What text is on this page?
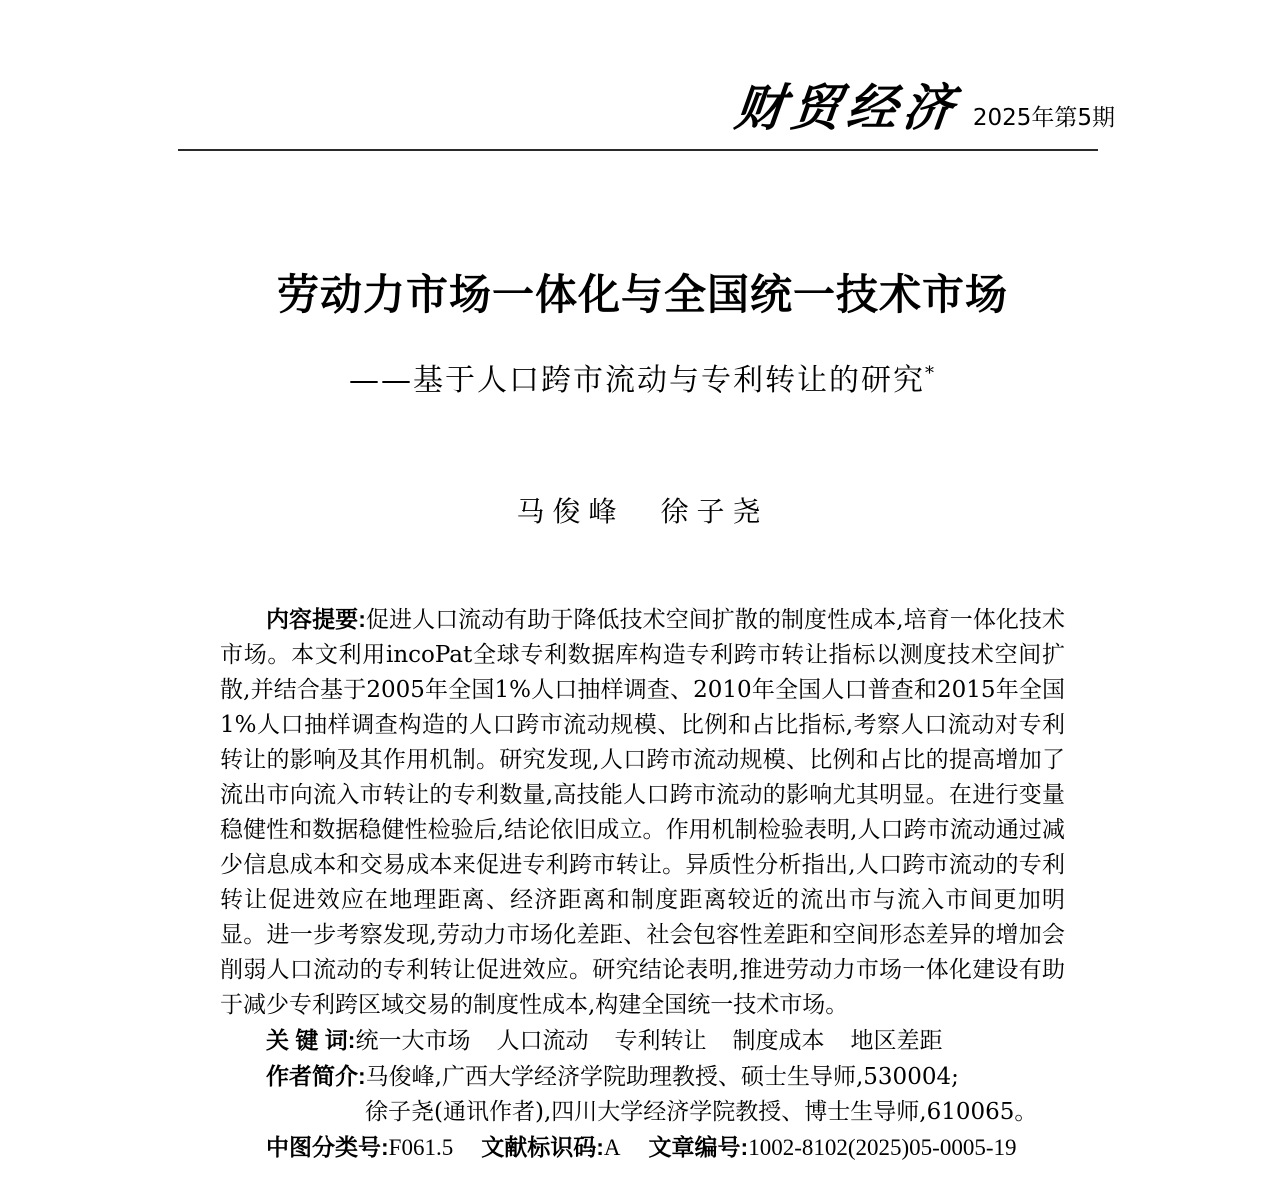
财贸经济 2025年第5期
劳动力市场一体化与全国统一技术市场
——基于人口跨市流动与专利转让的研究*
马俊峰 徐子尧

内容提要:促进人口流动有助于降低技术空间扩散的制度性成本,培育一体化技术市场。本文利用incoPat全球专利数据库构造专利跨市转让指标以测度技术空间扩散,并结合基于2005年全国1%人口抽样调查、2010年全国人口普查和2015年全国1%人口抽样调查构造的人口跨市流动规模、比例和占比指标,考察人口流动对专利转让的影响及其作用机制。研究发现,人口跨市流动规模、比例和占比的提高增加了流出市向流入市转让的专利数量,高技能人口跨市流动的影响尤其明显。在进行变量稳健性和数据稳健性检验后,结论依旧成立。作用机制检验表明,人口跨市流动通过减少信息成本和交易成本来促进专利跨市转让。异质性分析指出,人口跨市流动的专利转让促进效应在地理距离、经济距离和制度距离较近的流出市与流入市间更加明显。进一步考察发现,劳动力市场化差距、社会包容性差距和空间形态差异的增加会削弱人口流动的专利转让促进效应。研究结论表明,推进劳动力市场一体化建设有助于减少专利跨区域交易的制度性成本,构建全国统一技术市场。

关 键 词:统一大市场 人口流动 专利转让 制度成本 地区差距

作者简介:马俊峰,广西大学经济学院助理教授、硕士生导师,530004;

徐子尧(通讯作者),四川大学经济学院教授、博士生导师,610065。

中图分类号:F061.5 文献标识码:A 文章编号:1002-8102(2025)05-0005-19
